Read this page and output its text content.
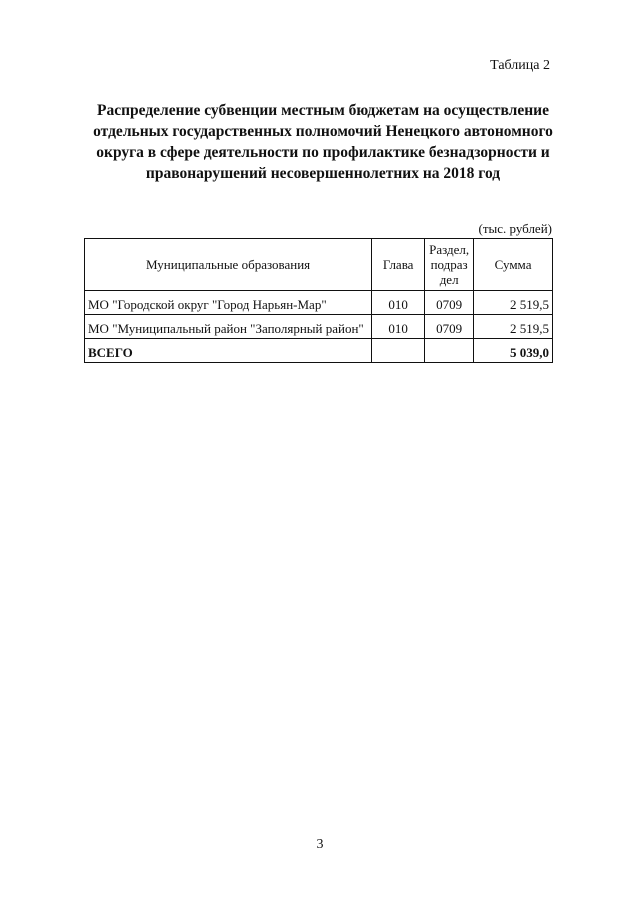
Таблица 2
Распределение субвенции местным бюджетам на осуществление
отдельных государственных полномочий Ненецкого автономного
округа в сфере деятельности по профилактике безнадзорности и
правонарушений несовершеннолетних на 2018 год
(тыс. рублей)
Муниципальные образования	Глава	Раздел,
подраз
дел	Сумма
МО "Городской округ "Город Нарьян-Мар"	010	0709	2 519,5
МО "Муниципальный район "Заполярный район"	010	0709	2 519,5
ВСЕГО			5 039,0
3
